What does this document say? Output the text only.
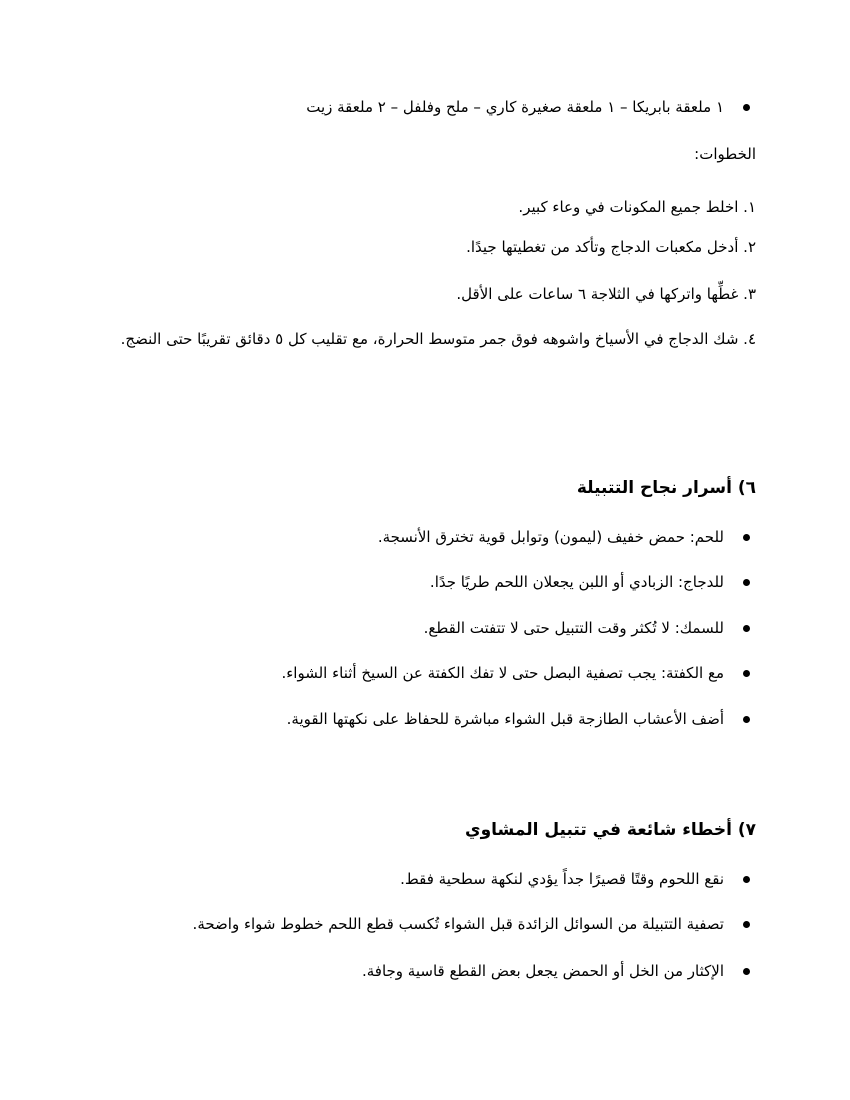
١ ملعقة بابريكا – ١ ملعقة صغيرة كاري – ملح وفلفل – ٢ ملعقة زيت
الخطوات:
١. اخلط جميع المكونات في وعاء كبير.
٢. أدخل مكعبات الدجاج وتأكد من تغطيتها جيدًا.
٣. غطِّها واتركها في الثلاجة ٦ ساعات على الأقل.
٤. شك الدجاج في الأسياخ واشوهه فوق جمر متوسط الحرارة، مع تقليب كل ٥ دقائق تقريبًا حتى النضج.
٦) أسرار نجاح التتبيلة
للحم: حمض خفيف (ليمون) وتوابل قوية تخترق الأنسجة.
للدجاج: الزبادي أو اللبن يجعلان اللحم طريًا جدًا.
للسمك: لا تُكثر وقت التتبيل حتى لا تتفتت القطع.
مع الكفتة: يجب تصفية البصل حتى لا تفك الكفتة عن السيخ أثناء الشواء.
أضف الأعشاب الطازجة قبل الشواء مباشرة للحفاظ على نكهتها القوية.
٧) أخطاء شائعة في تتبيل المشاوي
نقع اللحوم وقتًا قصيرًا جداً يؤدي لنكهة سطحية فقط.
تصفية التتبيلة من السوائل الزائدة قبل الشواء تُكسب قطع اللحم خطوط شواء واضحة.
الإكثار من الخل أو الحمض يجعل بعض القطع قاسية وجافة.
